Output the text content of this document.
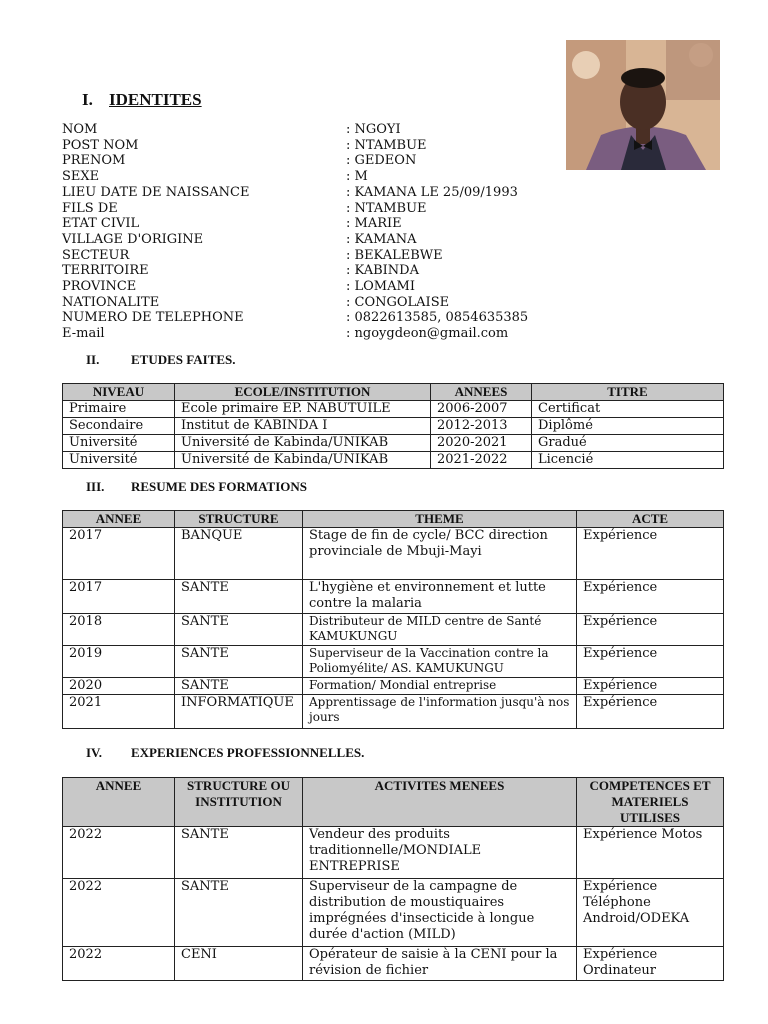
I. IDENTITES
NOM	: NGOYI
POST NOM	: NTAMBUE
PRENOM	: GEDEON
SEXE	: M
LIEU DATE DE NAISSANCE	: KAMANA LE 25/09/1993
FILS DE	: NTAMBUE
ETAT CIVIL	: MARIE
VILLAGE D'ORIGINE	: KAMANA
SECTEUR	: BEKALEBWE
TERRITOIRE	: KABINDA
PROVINCE	: LOMAMI
NATIONALITE	: CONGOLAISE
NUMERO DE TELEPHONE	: 0822613585, 0854635385
E-mail	: ngoygdeon@gmail.com
II. ETUDES FAITES.
NIVEAU	ECOLE/INSTITUTION	ANNEES	TITRE
Primaire	Ecole primaire EP. NABUTUILE	2006-2007	Certificat
Secondaire	Institut de KABINDA I	2012-2013	Diplômé
Université	Université de Kabinda/UNIKAB	2020-2021	Gradué
Université	Université de Kabinda/UNIKAB	2021-2022	Licencié
III. RESUME DES FORMATIONS
ANNEE	STRUCTURE	THEME	ACTE
2017	BANQUE	Stage de fin de cycle/ BCC direction provinciale de Mbuji-Mayi	Expérience
2017	SANTE	L'hygiène et environnement et lutte contre la malaria	Expérience
2018	SANTE	Distributeur de MILD centre de Santé KAMUKUNGU	Expérience
2019	SANTE	Superviseur de la Vaccination contre la Poliomyélite/ AS. KAMUKUNGU	Expérience
2020	SANTE	Formation/ Mondial entreprise	Expérience
2021	INFORMATIQUE	Apprentissage de l'information jusqu'à nos jours	Expérience
IV. EXPERIENCES PROFESSIONNELLES.
ANNEE	STRUCTURE OU INSTITUTION	ACTIVITES MENEES	COMPETENCES ET MATERIELS UTILISES
2022	SANTE	Vendeur des produits traditionnelle/MONDIALE ENTREPRISE	Expérience Motos
2022	SANTE	Superviseur de la campagne de distribution de moustiquaires imprégnées d'insecticide à longue durée d'action (MILD)	Expérience Téléphone Android/ODEKA
2022	CENI	Opérateur de saisie à la CENI pour la révision de fichier	Expérience Ordinateur
